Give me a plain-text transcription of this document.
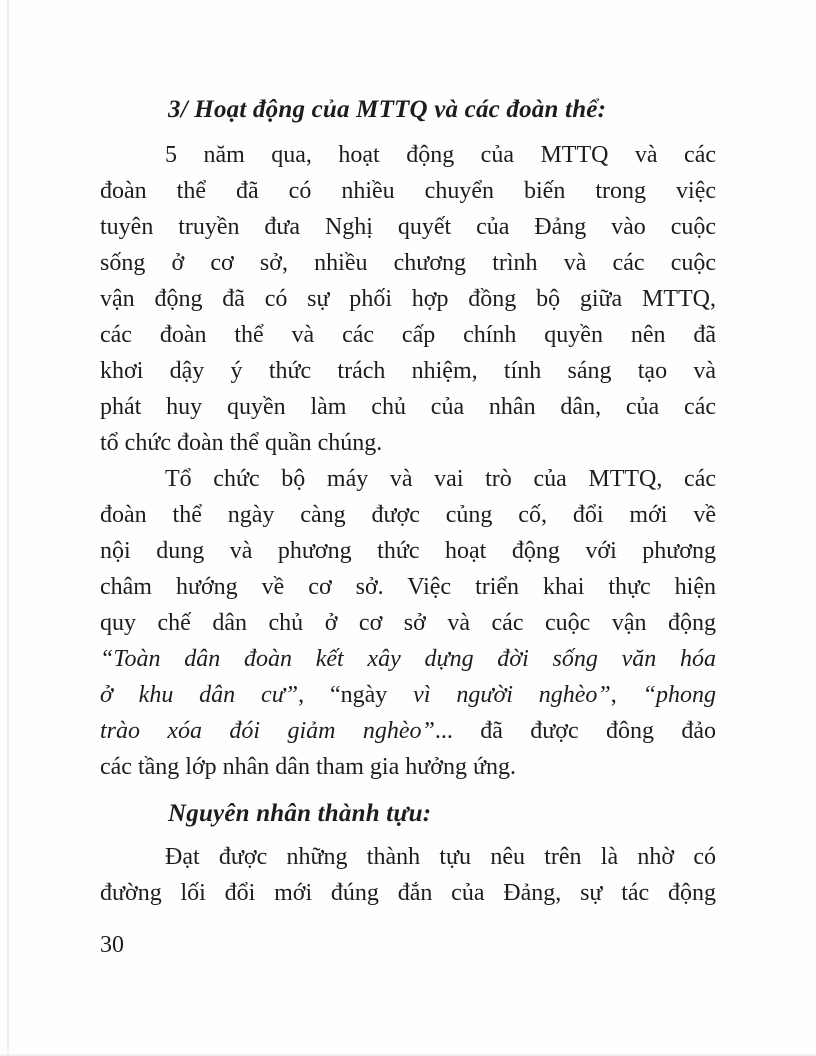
3/ Hoạt động của MTTQ và các đoàn thể:
5 năm qua, hoạt động của MTTQ và các
đoàn thể đã có nhiều chuyển biến trong việc
tuyên truyền đưa Nghị quyết của Đảng vào cuộc
sống ở cơ sở, nhiều chương trình và các cuộc
vận động đã có sự phối hợp đồng bộ giữa MTTQ,
các đoàn thể và các cấp chính quyền nên đã
khơi dậy ý thức trách nhiệm, tính sáng tạo và
phát huy quyền làm chủ của nhân dân, của các
tổ chức đoàn thể quần chúng.
Tổ chức bộ máy và vai trò của MTTQ, các
đoàn thể ngày càng được củng cố, đổi mới về
nội dung và phương thức hoạt động với phương
châm hướng về cơ sở. Việc triển khai thực hiện
quy chế dân chủ ở cơ sở và các cuộc vận động
“Toàn dân đoàn kết xây dựng đời sống văn hóa
ở khu dân cư”, “ngày vì người nghèo”, “phong
trào xóa đói giảm nghèo”... đã được đông đảo
các tầng lớp nhân dân tham gia hưởng ứng.
Nguyên nhân thành tựu:
Đạt được những thành tựu nêu trên là nhờ có
đường lối đổi mới đúng đắn của Đảng, sự tác động
30
